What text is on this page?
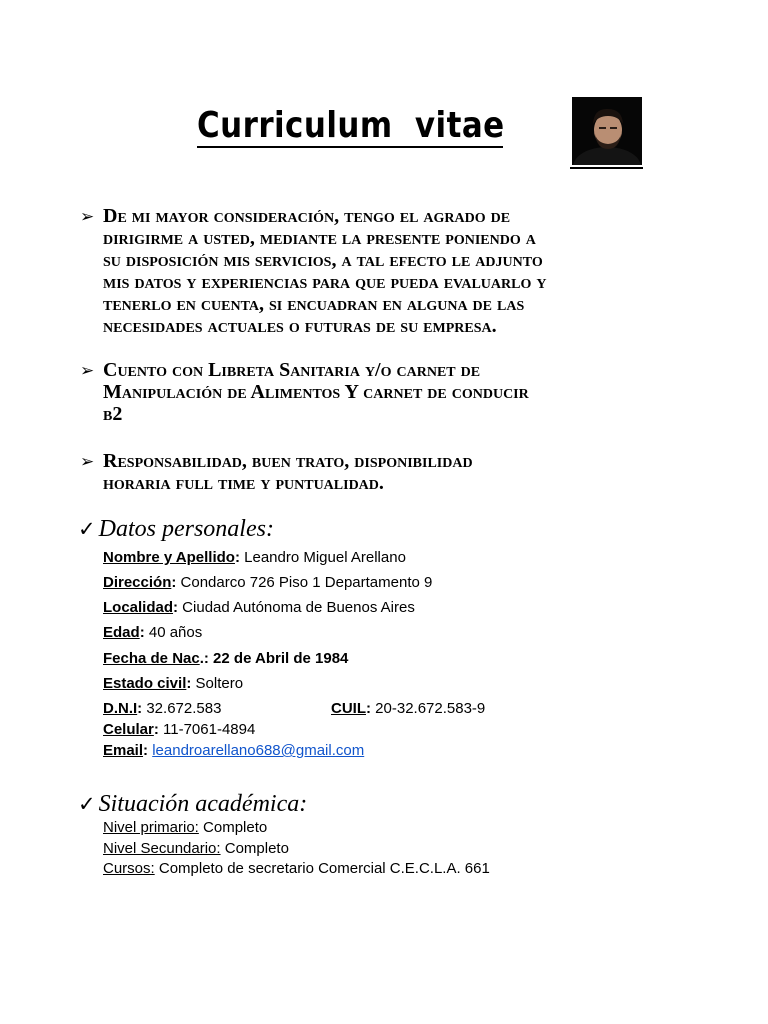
Curriculum  vitae
➢ De mi mayor consideración, tengo el agrado de
dirigirme a usted, mediante la presente poniendo a
su disposición mis servicios, a tal efecto le adjunto
mis datos y experiencias para que pueda evaluarlo y
tenerlo en cuenta, si encuadran en alguna de las
necesidades actuales o futuras de su empresa.
➢ Cuento con Libreta Sanitaria y/o carnet de
Manipulación de Alimentos Y carnet de conducir
b2
➢ Responsabilidad, buen trato, disponibilidad
horaria full time y puntualidad.
✓ Datos personales:
Nombre y Apellido: Leandro Miguel Arellano
Dirección: Condarco 726 Piso 1 Departamento 9
Localidad: Ciudad Autónoma de Buenos Aires
Edad: 40 años
Fecha de Nac.: 22 de Abril de 1984
Estado civil: Soltero
D.N.I: 32.672.583	CUIL: 20-32.672.583-9
Celular: 11-7061-4894
Email: leandroarellano688@gmail.com
✓ Situación académica:
Nivel primario: Completo
Nivel Secundario: Completo
Cursos: Completo de secretario Comercial C.E.C.L.A. 661
